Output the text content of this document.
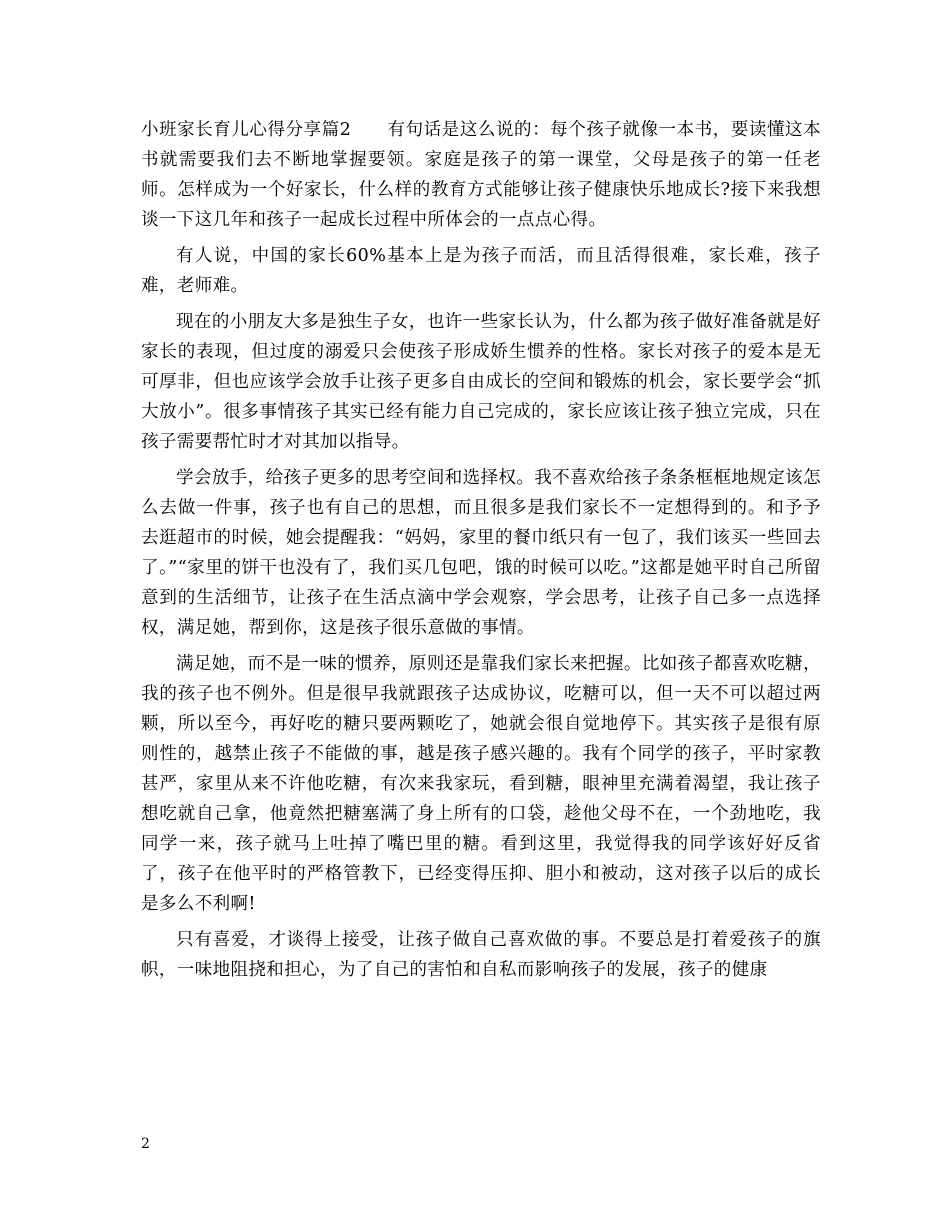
小班家长育儿心得分享篇2　　有句话是这么说的：每个孩子就像一本书，要读懂这本书就需要我们去不断地掌握要领。家庭是孩子的第一课堂，父母是孩子的第一任老师。怎样成为一个好家长，什么样的教育方式能够让孩子健康快乐地成长?接下来我想谈一下这几年和孩子一起成长过程中所体会的一点点心得。

有人说，中国的家长60%基本上是为孩子而活，而且活得很难，家长难，孩子难，老师难。

现在的小朋友大多是独生子女，也许一些家长认为，什么都为孩子做好准备就是好家长的表现，但过度的溺爱只会使孩子形成娇生惯养的性格。家长对孩子的爱本是无可厚非，但也应该学会放手让孩子更多自由成长的空间和锻炼的机会，家长要学会“抓大放小”。很多事情孩子其实已经有能力自己完成的，家长应该让孩子独立完成，只在孩子需要帮忙时才对其加以指导。

学会放手，给孩子更多的思考空间和选择权。我不喜欢给孩子条条框框地规定该怎么去做一件事，孩子也有自己的思想，而且很多是我们家长不一定想得到的。和予予去逛超市的时候，她会提醒我：“妈妈，家里的餐巾纸只有一包了，我们该买一些回去了。”“家里的饼干也没有了，我们买几包吧，饿的时候可以吃。”这都是她平时自己所留意到的生活细节，让孩子在生活点滴中学会观察，学会思考，让孩子自己多一点选择权，满足她，帮到你，这是孩子很乐意做的事情。

满足她，而不是一味的惯养，原则还是靠我们家长来把握。比如孩子都喜欢吃糖，我的孩子也不例外。但是很早我就跟孩子达成协议，吃糖可以，但一天不可以超过两颗，所以至今，再好吃的糖只要两颗吃了，她就会很自觉地停下。其实孩子是很有原则性的，越禁止孩子不能做的事，越是孩子感兴趣的。我有个同学的孩子，平时家教甚严，家里从来不许他吃糖，有次来我家玩，看到糖，眼神里充满着渴望，我让孩子想吃就自己拿，他竟然把糖塞满了身上所有的口袋，趁他父母不在，一个劲地吃，我同学一来，孩子就马上吐掉了嘴巴里的糖。看到这里，我觉得我的同学该好好反省了，孩子在他平时的严格管教下，已经变得压抑、胆小和被动，这对孩子以后的成长是多么不利啊!

只有喜爱，才谈得上接受，让孩子做自己喜欢做的事。不要总是打着爱孩子的旗帜，一味地阻挠和担心，为了自己的害怕和自私而影响孩子的发展，孩子的健康

2
